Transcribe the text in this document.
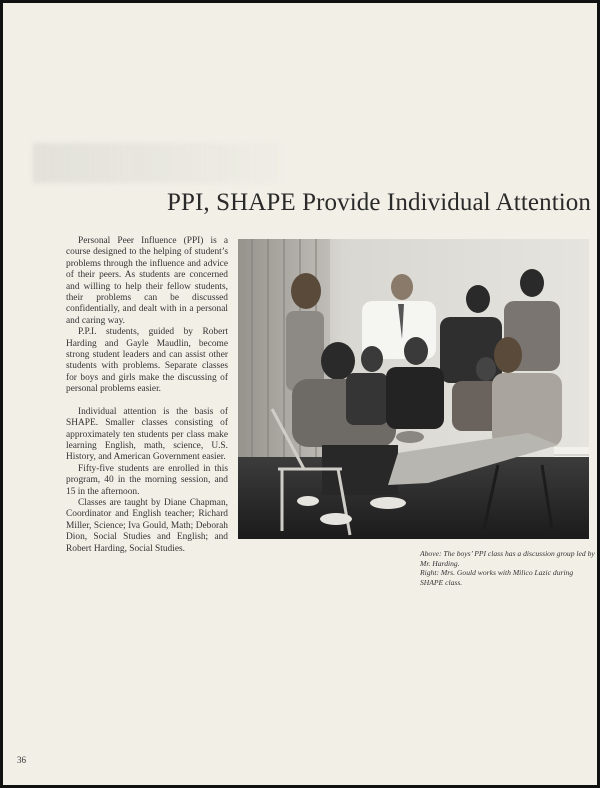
PPI, SHAPE Provide Individual Attention

Personal Peer Influence (PPI) is a course designed to the helping of student’s problems through the influence and advice of their peers. As students are concerned and willing to help their fellow students, their problems can be discussed confidentially, and dealt with in a personal and caring way.

P.P.I. students, guided by Robert Harding and Gayle Maudlin, become strong student leaders and can assist other students with problems. Separate classes for boys and girls make the discussing of personal problems easier.

Individual attention is the basis of SHAPE. Smaller classes consisting of approximately ten students per class make learning English, math, science, U.S. History, and American Government easier.

Fifty-five students are enrolled in this program, 40 in the morning session, and 15 in the afternoon.

Classes are taught by Diane Chapman, Coordinator and English teacher; Richard Miller, Science; Iva Gould, Math; Deborah Dion, Social Studies and English; and Robert Harding, Social Studies.	Above: The boys’ PPI class has a discussion group led by Mr. Harding.
Right: Mrs. Gould works with Milico Lazic during SHAPE class.
36
